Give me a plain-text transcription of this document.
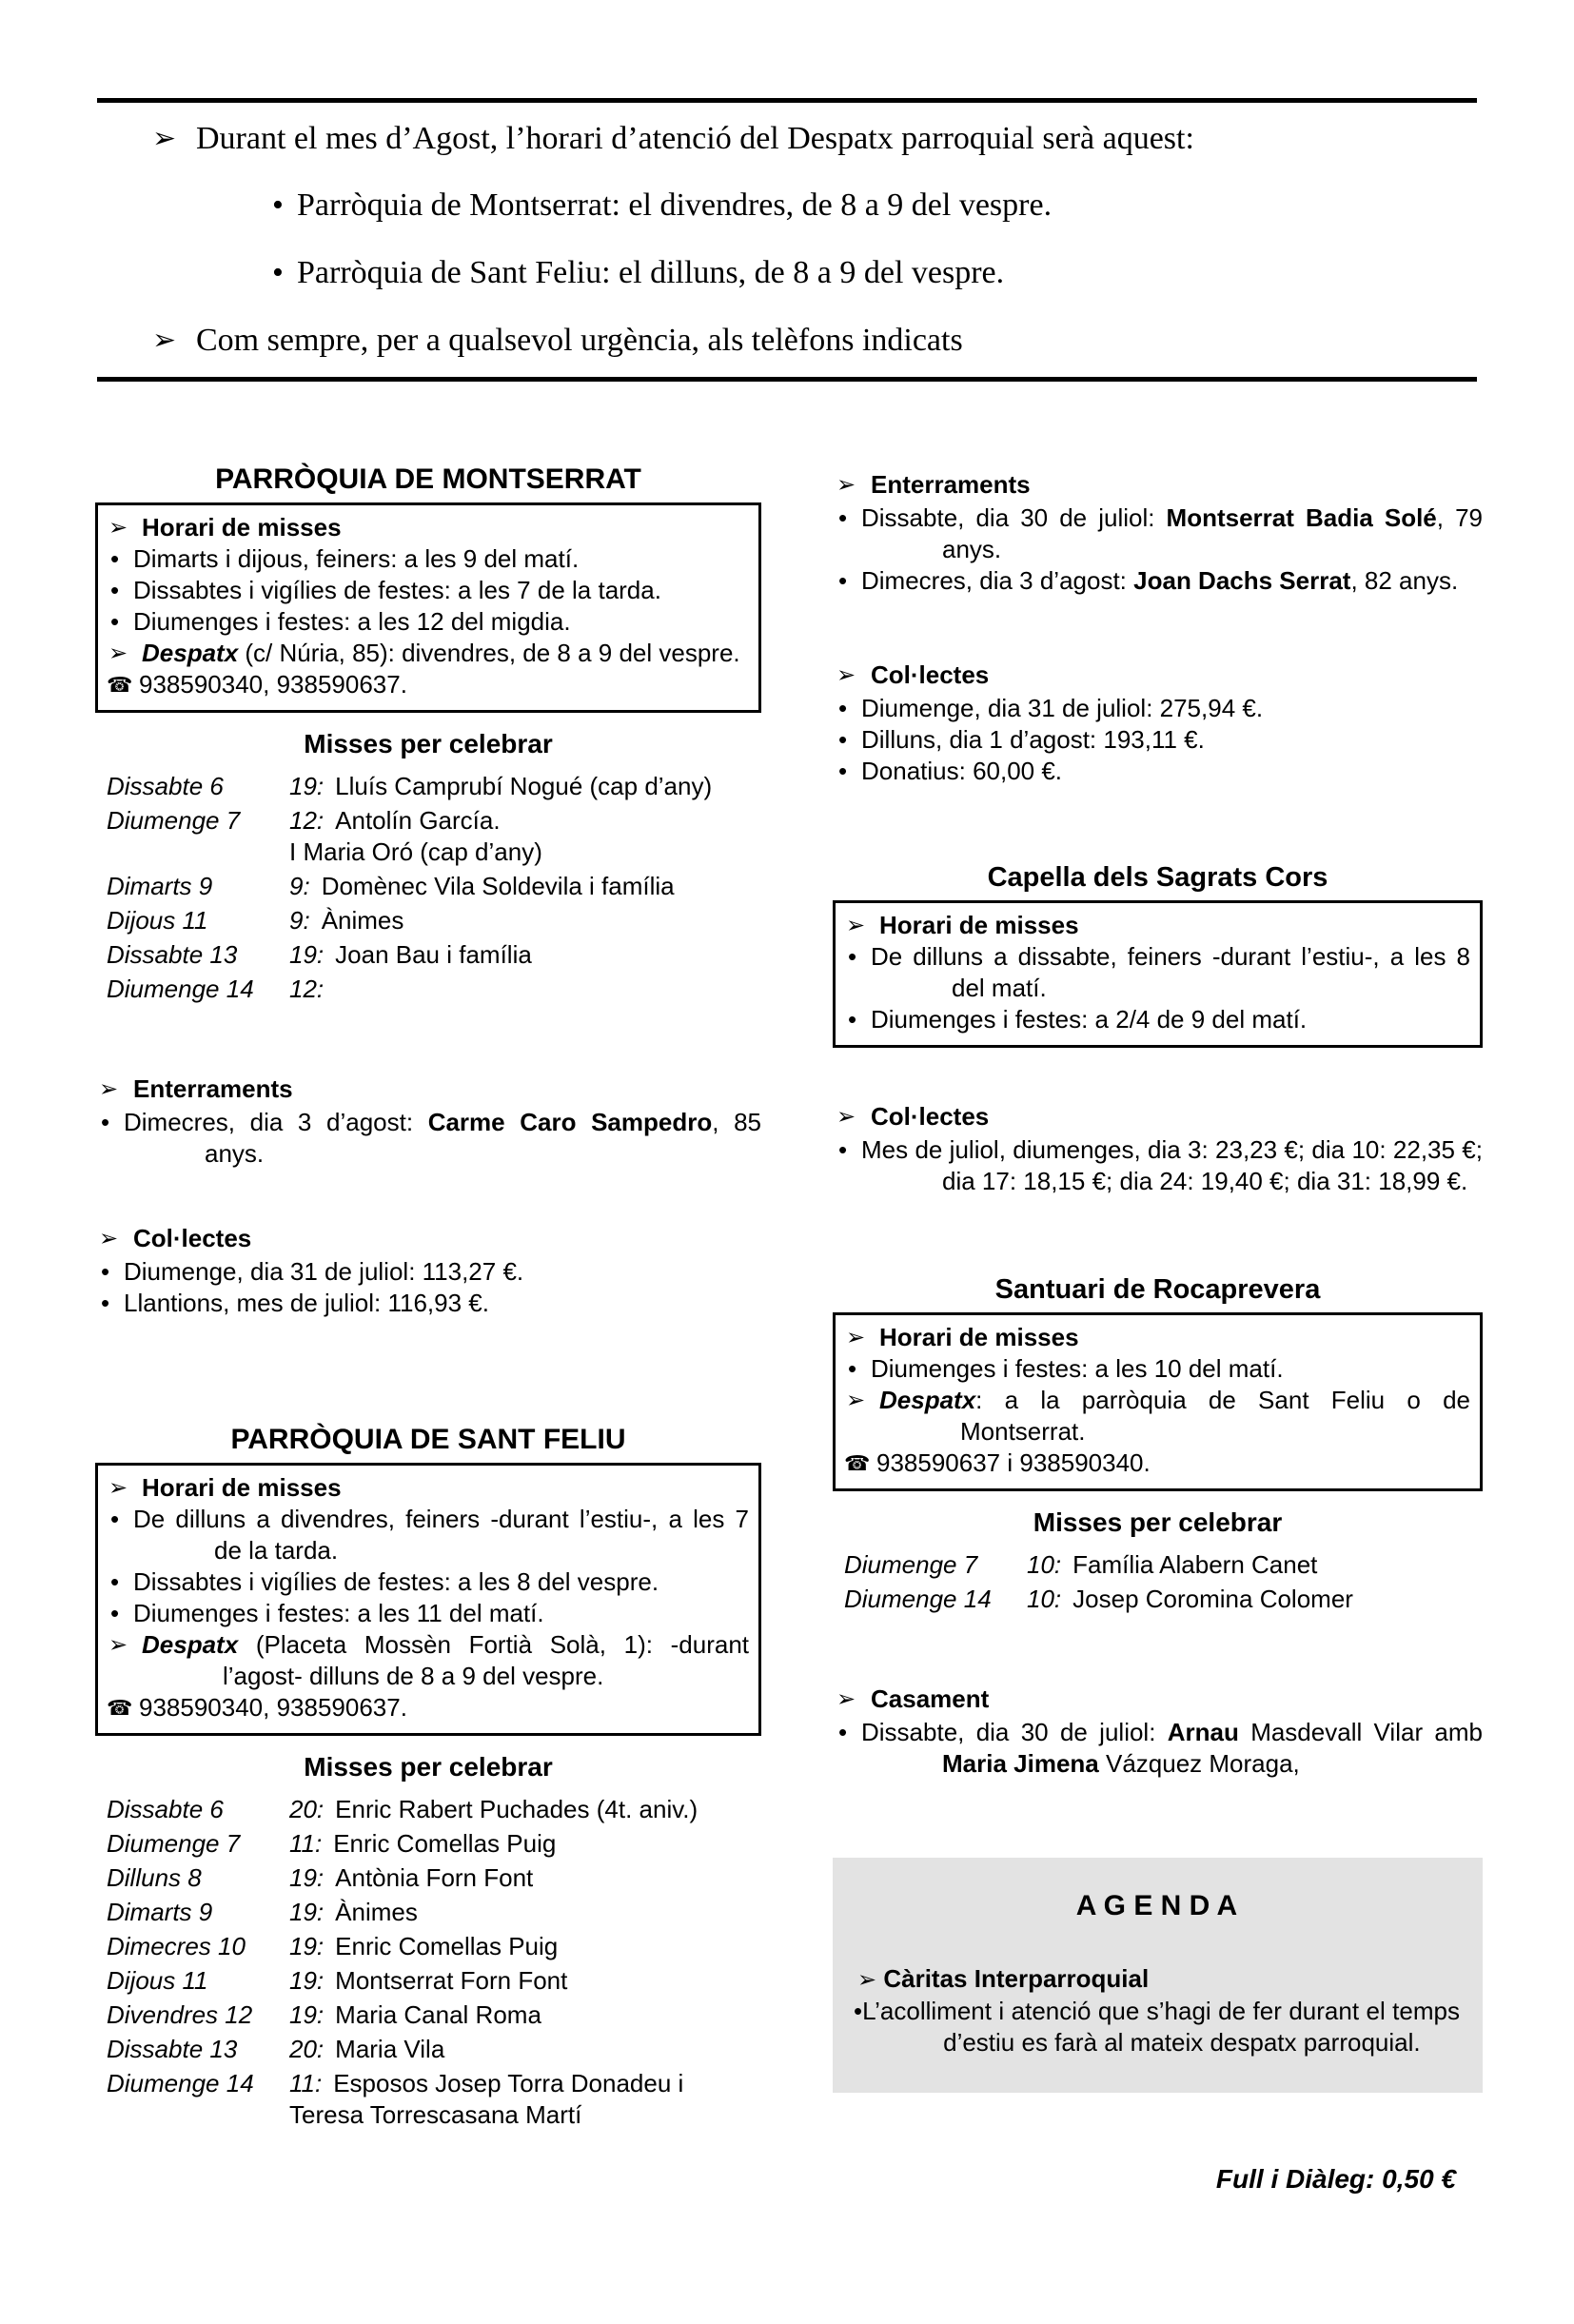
➢ Durant el mes d’Agost, l’horari d’atenció del Despatx parroquial serà aquest:
• Parròquia de Montserrat: el divendres, de 8 a 9 del vespre.
• Parròquia de Sant Feliu: el dilluns, de 8 a 9 del vespre.
➢ Com sempre, per a qualsevol urgència, als telèfons indicats
PARRÒQUIA DE MONTSERRAT
➢ Horari de misses
• Dimarts i dijous, feiners: a les 9 del matí.
• Dissabtes i vigílies de festes: a les 7 de la tarda.
• Diumenges i festes: a les 12 del migdia.
➢ Despatx (c/ Núria, 85): divendres, de 8 a 9 del vespre.
☎ 938590340, 938590637.
Misses per celebrar
Dissabte 6	19: Lluís Camprubí Nogué (cap d’any)
Diumenge 7	12: Antolín García.
I Maria Oró (cap d’any)
Dimarts 9	9: Domènec Vila Soldevila i família
Dijous 11	9: Ànimes
Dissabte 13	19: Joan Bau i família
Diumenge 14	12:
➢ Enterraments
• Dimecres, dia 3 d’agost: Carme Caro Sampedro, 85 anys.
➢ Col·lectes
• Diumenge, dia 31 de juliol: 113,27 €.
• Llantions, mes de juliol: 116,93 €.
PARRÒQUIA DE SANT FELIU
➢ Horari de misses
• De dilluns a divendres, feiners -durant l’estiu-, a les 7 de la tarda.
• Dissabtes i vigílies de festes: a les 8 del vespre.
• Diumenges i festes: a les 11 del matí.
➢ Despatx (Placeta Mossèn Fortià Solà, 1): -durant l’agost- dilluns de 8 a 9 del vespre.
☎ 938590340, 938590637.
Misses per celebrar
Dissabte 6	20: Enric Rabert Puchades (4t. aniv.)
Diumenge 7	11: Enric Comellas Puig
Dilluns 8	19: Antònia Forn Font
Dimarts 9	19: Ànimes
Dimecres 10	19: Enric Comellas Puig
Dijous 11	19: Montserrat Forn Font
Divendres 12	19: Maria Canal Roma
Dissabte 13	20: Maria Vila
Diumenge 14	11: Esposos Josep Torra Donadeu i Teresa Torrescasana Martí
➢ Enterraments
• Dissabte, dia 30 de juliol: Montserrat Badia Solé, 79 anys.
• Dimecres, dia 3 d’agost: Joan Dachs Serrat, 82 anys.
➢ Col·lectes
• Diumenge, dia 31 de juliol: 275,94 €.
• Dilluns, dia 1 d’agost: 193,11 €.
• Donatius: 60,00 €.
Capella dels Sagrats Cors
➢ Horari de misses
• De dilluns a dissabte, feiners -durant l’estiu-, a les 8 del matí.
• Diumenges i festes: a 2/4 de 9 del matí.
➢ Col·lectes
• Mes de juliol, diumenges, dia 3: 23,23 €; dia 10: 22,35 €; dia 17: 18,15 €; dia 24: 19,40 €; dia 31: 18,99 €.
Santuari de Rocaprevera
➢ Horari de misses
• Diumenges i festes: a les 10 del matí.
➢ Despatx: a la parròquia de Sant Feliu o de Montserrat.
☎ 938590637 i 938590340.
Misses per celebrar
Diumenge 7	10: Família Alabern Canet
Diumenge 14	10: Josep Coromina Colomer
➢ Casament
• Dissabte, dia 30 de juliol: Arnau Masdevall Vilar amb Maria Jimena Vázquez Moraga,
A G E N D A
➢ Càritas Interparroquial
• L’acolliment i atenció que s’hagi de fer durant el temps d’estiu es farà al mateix despatx parroquial.
Full i Diàleg: 0,50 €
